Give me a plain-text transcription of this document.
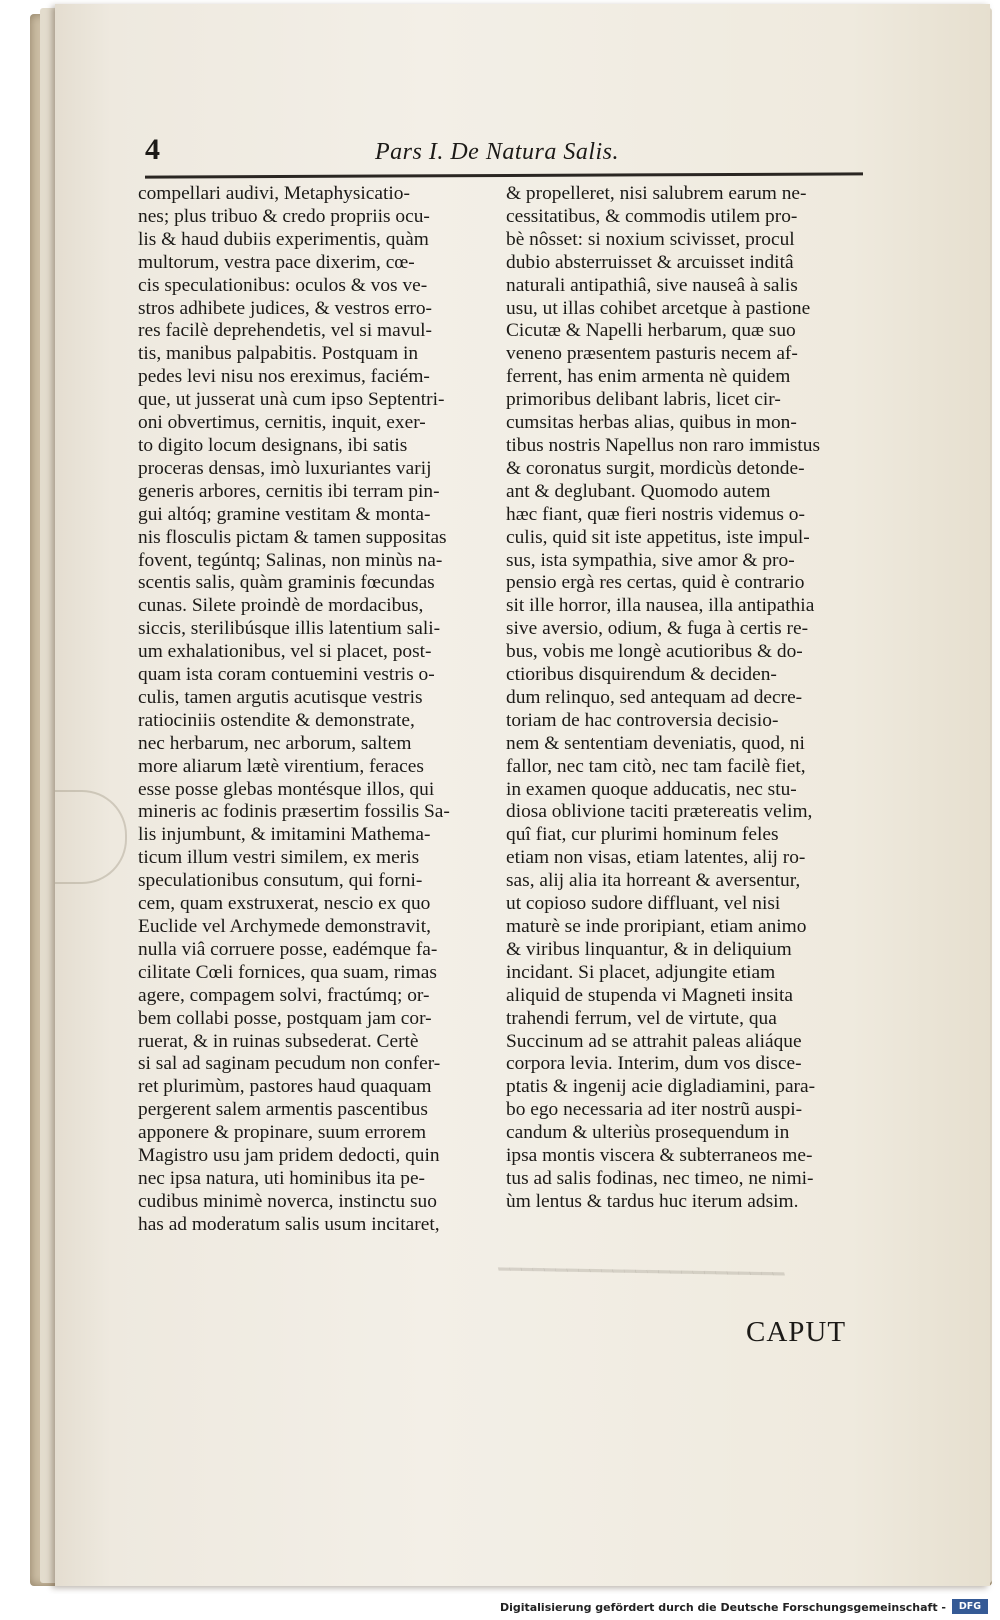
━━━━━━━━━━━━━━━━━━━━━━━━━
4	Pars I. De Natura Salis.
compellari audivi, Metaphysicatio-
nes; plus tribuo & credo propriis ocu-
lis & haud dubiis experimentis, quàm
multorum, vestra pace dixerim, cœ-
cis speculationibus: oculos & vos ve-
stros adhibete judices, & vestros erro-
res facilè deprehendetis, vel si mavul-
tis, manibus palpabitis. Postquam in
pedes levi nisu nos ereximus, faciém-
que, ut jusserat unà cum ipso Septentri-
oni obvertimus, cernitis, inquit, exer-
to digito locum designans, ibi satis
proceras densas, imò luxuriantes varij
generis arbores, cernitis ibi terram pin-
gui altóq; gramine vestitam & monta-
nis flosculis pictam & tamen suppositas
fovent, tegúntq; Salinas, non minùs na-
scentis salis, quàm graminis fœcundas
cunas. Silete proindè de mordacibus,
siccis, sterilibúsque illis latentium sali-
um exhalationibus, vel si placet, post-
quam ista coram contuemini vestris o-
culis, tamen argutis acutisque vestris
ratiociniis ostendite & demonstrate,
nec herbarum, nec arborum, saltem
more aliarum lætè virentium, feraces
esse posse glebas montésque illos, qui
mineris ac fodinis præsertim fossilis Sa-
lis injumbunt, & imitamini Mathema-
ticum illum vestri similem, ex meris
speculationibus consutum, qui forni-
cem, quam exstruxerat, nescio ex quo
Euclide vel Archymede demonstravit,
nulla viâ corruere posse, eadémque fa-
cilitate Cœli fornices, qua suam, rimas
agere, compagem solvi, fractúmq; or-
bem collabi posse, postquam jam cor-
ruerat, & in ruinas subsederat. Certè
si sal ad saginam pecudum non confer-
ret plurimùm, pastores haud quaquam
pergerent salem armentis pascentibus
apponere & propinare, suum errorem
Magistro usu jam pridem dedocti, quin
nec ipsa natura, uti hominibus ita pe-
cudibus minimè noverca, instinctu suo
has ad moderatum salis usum incitaret,
& propelleret, nisi salubrem earum ne-
cessitatibus, & commodis utilem pro-
bè nôsset: si noxium scivisset, procul
dubio absterruisset & arcuisset inditâ
naturali antipathiâ, sive nauseâ à salis
usu, ut illas cohibet arcetque à pastione
Cicutæ & Napelli herbarum, quæ suo
veneno præsentem pasturis necem af-
ferrent, has enim armenta nè quidem
primoribus delibant labris, licet cir-
cumsitas herbas alias, quibus in mon-
tibus nostris Napellus non raro immistus
& coronatus surgit, mordicùs detonde-
ant & deglubant. Quomodo autem
hæc fiant, quæ fieri nostris videmus o-
culis, quid sit iste appetitus, iste impul-
sus, ista sympathia, sive amor & pro-
pensio ergà res certas, quid è contrario
sit ille horror, illa nausea, illa antipathia
sive aversio, odium, & fuga à certis re-
bus, vobis me longè acutioribus & do-
ctioribus disquirendum & deciden-
dum relinquo, sed antequam ad decre-
toriam de hac controversia decisio-
nem & sententiam deveniatis, quod, ni
fallor, nec tam citò, nec tam facilè fiet,
in examen quoque adducatis, nec stu-
diosa oblivione taciti prætereatis velim,
quî fiat, cur plurimi hominum feles
etiam non visas, etiam latentes, alij ro-
sas, alij alia ita horreant & aversentur,
ut copioso sudore diffluant, vel nisi
maturè se inde proripiant, etiam animo
& viribus linquantur, & in deliquium
incidant. Si placet, adjungite etiam
aliquid de stupenda vi Magneti insita
trahendi ferrum, vel de virtute, qua
Succinum ad se attrahit paleas aliáque
corpora levia. Interim, dum vos disce-
ptatis & ingenij acie digladiamini, para-
bo ego necessaria ad iter nostrũ auspi-
candum & ulteriùs prosequendum in
ipsa montis viscera & subterraneos me-
tus ad salis fodinas, nec timeo, ne nimi-
ùm lentus & tardus huc iterum adsim.
CAPUT
Digitalisierung gefördert durch die Deutsche Forschungsgemeinschaft -	DFG
